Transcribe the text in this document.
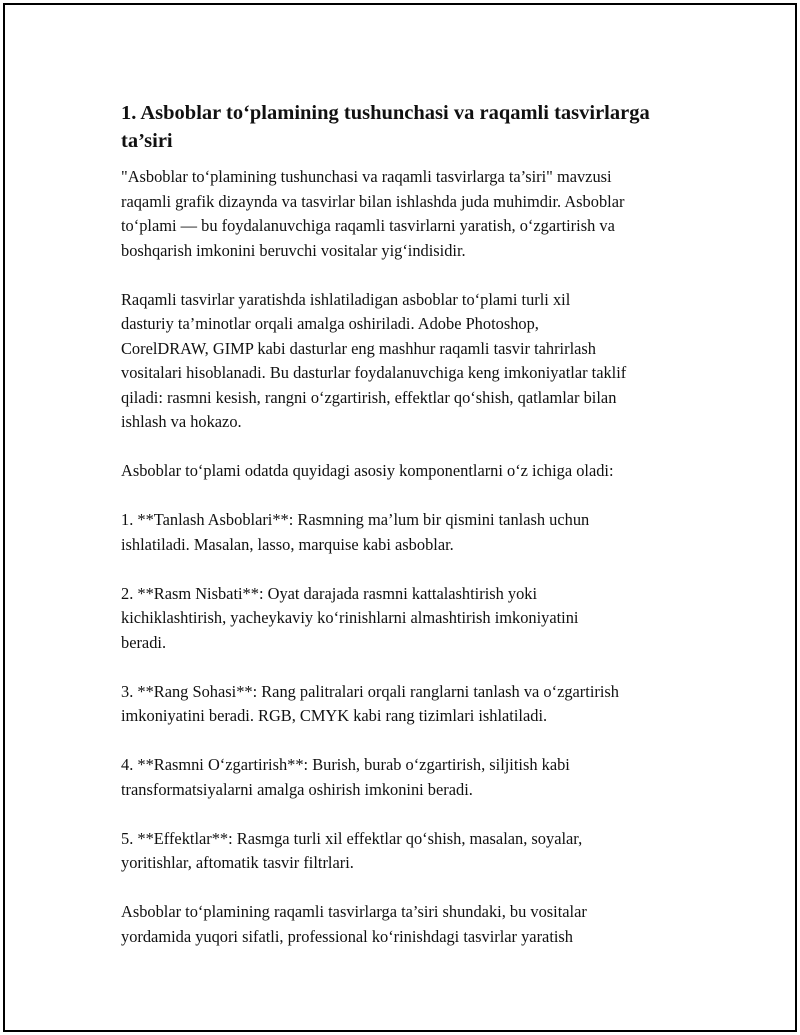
1. Asboblar to‘plamining tushunchasi va raqamli tasvirlarga
ta’siri

"Asboblar to‘plamining tushunchasi va raqamli tasvirlarga ta’siri" mavzusi
raqamli grafik dizaynda va tasvirlar bilan ishlashda juda muhimdir. Asboblar
to‘plami — bu foydalanuvchiga raqamli tasvirlarni yaratish, o‘zgartirish va
boshqarish imkonini beruvchi vositalar yig‘indisidir.

Raqamli tasvirlar yaratishda ishlatiladigan asboblar to‘plami turli xil
dasturiy ta’minotlar orqali amalga oshiriladi. Adobe Photoshop,
CorelDRAW, GIMP kabi dasturlar eng mashhur raqamli tasvir tahrirlash
vositalari hisoblanadi. Bu dasturlar foydalanuvchiga keng imkoniyatlar taklif
qiladi: rasmni kesish, rangni o‘zgartirish, effektlar qo‘shish, qatlamlar bilan
ishlash va hokazo.

Asboblar to‘plami odatda quyidagi asosiy komponentlarni o‘z ichiga oladi:

1. **Tanlash Asboblari**: Rasmning ma’lum bir qismini tanlash uchun
ishlatiladi. Masalan, lasso, marquise kabi asboblar.

2. **Rasm Nisbati**: Oyat darajada rasmni kattalashtirish yoki
kichiklashtirish, yacheykaviy ko‘rinishlarni almashtirish imkoniyatini
beradi.

3. **Rang Sohasi**: Rang palitralari orqali ranglarni tanlash va o‘zgartirish
imkoniyatini beradi. RGB, CMYK kabi rang tizimlari ishlatiladi.

4. **Rasmni O‘zgartirish**: Burish, burab o‘zgartirish, siljitish kabi
transformatsiyalarni amalga oshirish imkonini beradi.

5. **Effektlar**: Rasmga turli xil effektlar qo‘shish, masalan, soyalar,
yoritishlar, aftomatik tasvir filtrlari.

Asboblar to‘plamining raqamli tasvirlarga ta’siri shundaki, bu vositalar
yordamida yuqori sifatli, professional ko‘rinishdagi tasvirlar yaratish
